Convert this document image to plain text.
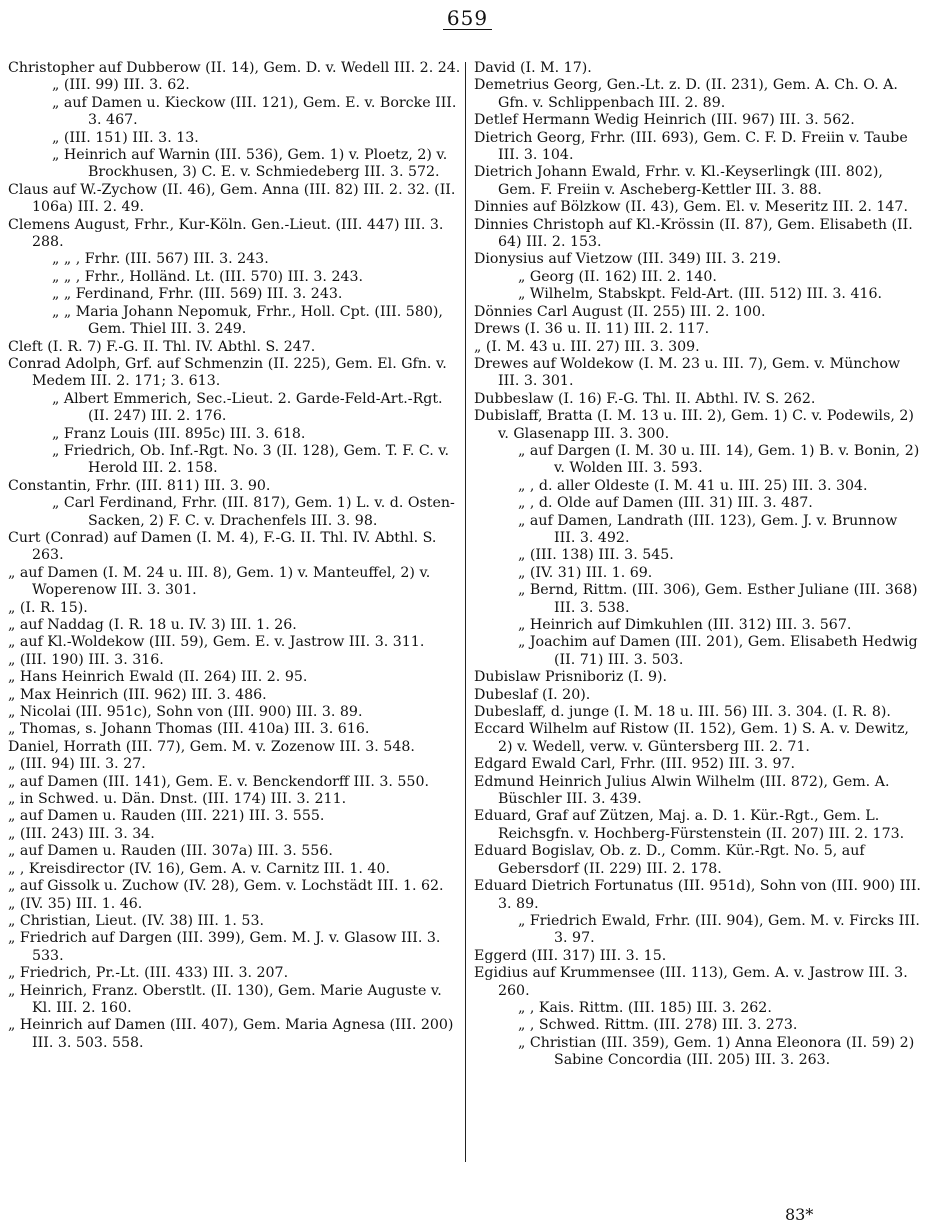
659

Christopher auf Dubberow (II. 14), Gem. D. v. Wedell III. 2. 24.

„ (III. 99) III. 3. 62.

„ auf Damen u. Kieckow (III. 121), Gem. E. v. Borcke III. 3. 467.

„ (III. 151) III. 3. 13.

„ Heinrich auf Warnin (III. 536), Gem. 1) v. Ploetz, 2) v. Brockhusen, 3) C. E. v. Schmiedeberg III. 3. 572.

Claus auf W.-Zychow (II. 46), Gem. Anna (III. 82) III. 2. 32. (II. 106a) III. 2. 49.

Clemens August, Frhr., Kur-Köln. Gen.-Lieut. (III. 447) III. 3. 288.

„ „ , Frhr. (III. 567) III. 3. 243.

„ „ , Frhr., Holländ. Lt. (III. 570) III. 3. 243.

„ „ Ferdinand, Frhr. (III. 569) III. 3. 243.

„ „ Maria Johann Nepomuk, Frhr., Holl. Cpt. (III. 580), Gem. Thiel III. 3. 249.

Cleft (I. R. 7) F.-G. II. Thl. IV. Abthl. S. 247.

Conrad Adolph, Grf. auf Schmenzin (II. 225), Gem. El. Gfn. v. Medem III. 2. 171; 3. 613.

„ Albert Emmerich, Sec.-Lieut. 2. Garde-Feld-Art.-Rgt. (II. 247) III. 2. 176.

„ Franz Louis (III. 895c) III. 3. 618.

„ Friedrich, Ob. Inf.-Rgt. No. 3 (II. 128), Gem. T. F. C. v. Herold III. 2. 158.

Constantin, Frhr. (III. 811) III. 3. 90.

„ Carl Ferdinand, Frhr. (III. 817), Gem. 1) L. v. d. Osten-Sacken, 2) F. C. v. Drachenfels III. 3. 98.

Curt (Conrad) auf Damen (I. M. 4), F.-G. II. Thl. IV. Abthl. S. 263.

„ auf Damen (I. M. 24 u. III. 8), Gem. 1) v. Manteuffel, 2) v. Woperenow III. 3. 301.

„ (I. R. 15).

„ auf Naddag (I. R. 18 u. IV. 3) III. 1. 26.

„ auf Kl.-Woldekow (III. 59), Gem. E. v. Jastrow III. 3. 311.

„ (III. 190) III. 3. 316.

„ Hans Heinrich Ewald (II. 264) III. 2. 95.

„ Max Heinrich (III. 962) III. 3. 486.

„ Nicolai (III. 951c), Sohn von (III. 900) III. 3. 89.

„ Thomas, s. Johann Thomas (III. 410a) III. 3. 616.

Daniel, Horrath (III. 77), Gem. M. v. Zozenow III. 3. 548.

„ (III. 94) III. 3. 27.

„ auf Damen (III. 141), Gem. E. v. Benckendorff III. 3. 550.

„ in Schwed. u. Dän. Dnst. (III. 174) III. 3. 211.

„ auf Damen u. Rauden (III. 221) III. 3. 555.

„ (III. 243) III. 3. 34.

„ auf Damen u. Rauden (III. 307a) III. 3. 556.

„ , Kreisdirector (IV. 16), Gem. A. v. Carnitz III. 1. 40.

„ auf Gissolk u. Zuchow (IV. 28), Gem. v. Lochstädt III. 1. 62.

„ (IV. 35) III. 1. 46.

„ Christian, Lieut. (IV. 38) III. 1. 53.

„ Friedrich auf Dargen (III. 399), Gem. M. J. v. Glasow III. 3. 533.

„ Friedrich, Pr.-Lt. (III. 433) III. 3. 207.

„ Heinrich, Franz. Oberstlt. (II. 130), Gem. Marie Auguste v. Kl. III. 2. 160.

„ Heinrich auf Damen (III. 407), Gem. Maria Agnesa (III. 200) III. 3. 503. 558.

David (I. M. 17).

Demetrius Georg, Gen.-Lt. z. D. (II. 231), Gem. A. Ch. O. A. Gfn. v. Schlippenbach III. 2. 89.

Detlef Hermann Wedig Heinrich (III. 967) III. 3. 562.

Dietrich Georg, Frhr. (III. 693), Gem. C. F. D. Freiin v. Taube III. 3. 104.

Dietrich Johann Ewald, Frhr. v. Kl.-Keyserlingk (III. 802), Gem. F. Freiin v. Ascheberg-Kettler III. 3. 88.

Dinnies auf Bölzkow (II. 43), Gem. El. v. Meseritz III. 2. 147.

Dinnies Christoph auf Kl.-Krössin (II. 87), Gem. Elisabeth (II. 64) III. 2. 153.

Dionysius auf Vietzow (III. 349) III. 3. 219.

„ Georg (II. 162) III. 2. 140.

„ Wilhelm, Stabskpt. Feld-Art. (III. 512) III. 3. 416.

Dönnies Carl August (II. 255) III. 2. 100.

Drews (I. 36 u. II. 11) III. 2. 117.

„ (I. M. 43 u. III. 27) III. 3. 309.

Drewes auf Woldekow (I. M. 23 u. III. 7), Gem. v. Münchow III. 3. 301.

Dubbeslaw (I. 16) F.-G. Thl. II. Abthl. IV. S. 262.

Dubislaff, Bratta (I. M. 13 u. III. 2), Gem. 1) C. v. Podewils, 2) v. Glasenapp III. 3. 300.

„ auf Dargen (I. M. 30 u. III. 14), Gem. 1) B. v. Bonin, 2) v. Wolden III. 3. 593.

„ , d. aller Oldeste (I. M. 41 u. III. 25) III. 3. 304.

„ , d. Olde auf Damen (III. 31) III. 3. 487.

„ auf Damen, Landrath (III. 123), Gem. J. v. Brunnow III. 3. 492.

„ (III. 138) III. 3. 545.

„ (IV. 31) III. 1. 69.

„ Bernd, Rittm. (III. 306), Gem. Esther Juliane (III. 368) III. 3. 538.

„ Heinrich auf Dimkuhlen (III. 312) III. 3. 567.

„ Joachim auf Damen (III. 201), Gem. Elisabeth Hedwig (II. 71) III. 3. 503.

Dubislaw Prisniboriz (I. 9).

Dubeslaf (I. 20).

Dubeslaff, d. junge (I. M. 18 u. III. 56) III. 3. 304. (I. R. 8).

Eccard Wilhelm auf Ristow (II. 152), Gem. 1) S. A. v. Dewitz, 2) v. Wedell, verw. v. Güntersberg III. 2. 71.

Edgard Ewald Carl, Frhr. (III. 952) III. 3. 97.

Edmund Heinrich Julius Alwin Wilhelm (III. 872), Gem. A. Büschler III. 3. 439.

Eduard, Graf auf Zützen, Maj. a. D. 1. Kür.-Rgt., Gem. L. Reichsgfn. v. Hochberg-Fürstenstein (II. 207) III. 2. 173.

Eduard Bogislav, Ob. z. D., Comm. Kür.-Rgt. No. 5, auf Gebersdorf (II. 229) III. 2. 178.

Eduard Dietrich Fortunatus (III. 951d), Sohn von (III. 900) III. 3. 89.

„ Friedrich Ewald, Frhr. (III. 904), Gem. M. v. Fircks III. 3. 97.

Eggerd (III. 317) III. 3. 15.

Egidius auf Krummensee (III. 113), Gem. A. v. Jastrow III. 3. 260.

„ , Kais. Rittm. (III. 185) III. 3. 262.

„ , Schwed. Rittm. (III. 278) III. 3. 273.

„ Christian (III. 359), Gem. 1) Anna Eleonora (II. 59) 2) Sabine Concordia (III. 205) III. 3. 263.

83*
